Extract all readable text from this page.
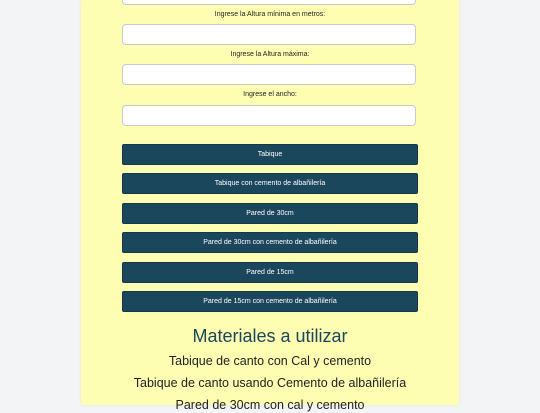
Ingrese la Altura mínima en metros:
Ingrese la Altura máxima:
Ingrese el ancho:
Tabique
Tabique con cemento de albañilería
Pared de 30cm
Pared de 30cm con cemento de albañilería
Pared de 15cm
Pared de 15cm con cemento de albañilería
Materiales a utilizar
Tabique de canto con Cal y cemento
Tabique de canto usando Cemento de albañilería
Pared de 30cm con cal y cemento
